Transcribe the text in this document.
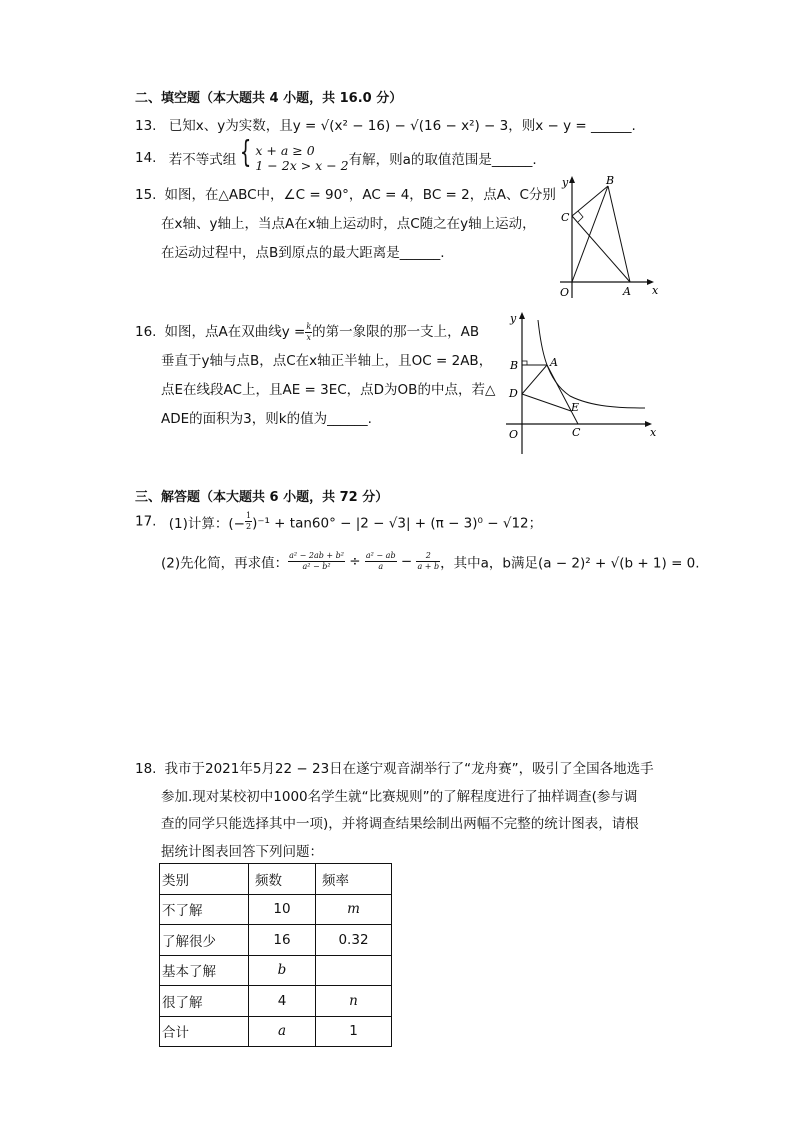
二、填空题（本大题共 4 小题，共 16.0 分）
13. 已知x、y为实数，且y = √(x² − 16) − √(16 − x²) − 3，则x − y = ______.
14. 若不等式组 { x + a ≥ 0
1 − 2x > x − 2 有解，则a的取值范围是______.
15. 如图，在△ABC中，∠C = 90°，AC = 4，BC = 2，点A、C分别
在x轴、y轴上，当点A在x轴上运动时，点C随之在y轴上运动，
在运动过程中，点B到原点的最大距离是______.
y
x
O	A
B
C
16. 如图，点A在双曲线$y = \frac{k}{x}$ 的第一象限的那一支上，AB
垂直于y轴与点B，点C在x轴正半轴上，且OC = 2AB，
点E在线段AC上，且AE = 3EC，点D为OB的中点，若△
ADE的面积为3，则k的值为______.
y
x
O
A
B
C
D
E
三、解答题（本大题共 6 小题，共 72 分）
17. (1)计算：(− $\frac{1}{2} )^{-1} + \tan 60^\circ - |2 - √3| + (\pi - 3)^0 - √12$；
(2)先化简，再求值： $\frac{\text{a² − 2ab + b²}}{\text{a² − b²}} \div \frac{\text{a² − ab}}{a} - \frac{2}{a + b}$ ，其中a，b满足(a − 2)² + √(b + 1) = 0.
18. 我市于2021年5月22 − 23日在遂宁观音湖举行了“龙舟赛”，吸引了全国各地选手
参加.现对某校初中1000名学生就“比赛规则”的了解程度进行了抽样调查(参与调
查的同学只能选择其中一项)，并将调查结果绘制出两幅不完整的统计图表，请根
据统计图表回答下列问题：
类别	频数	频率
不了解	10	m
了解很少	16	0.32
基本了解	b	
很了解	4	n
合计	a	1
